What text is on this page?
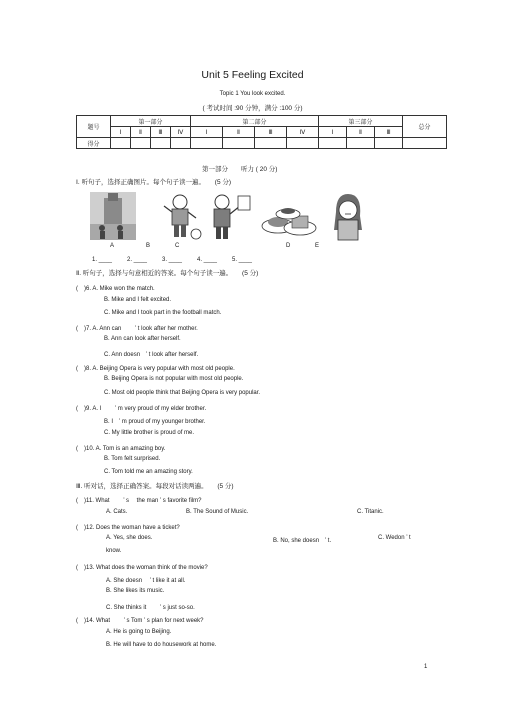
Unit 5 Feeling Excited
Topic 1 You look excited.
( 考试时间 :90 分钟，满分 :100 分)
题号	第一部分				第二部分				第三部分			总分
	Ⅰ	Ⅱ	Ⅲ	Ⅳ	Ⅰ	Ⅱ	Ⅲ	Ⅳ	Ⅰ	Ⅱ	Ⅲ	
得分												
第一部分　　听力 ( 20 分)
Ⅰ. 听句子，选择正确图片。每个句子读一遍。　　(5 分)
A	B	C	D	E
1. ____ 2. ____ 3. ____ 4. ____ 5. ____
Ⅱ. 听句子，选择与句意相近的答案。每个句子读一遍。　　(5 分)
(　)6. A. Mike won the match.
B. Mike and I felt excited.
C. Mike and I took part in the football match.
(　)7. A. Ann can　　 ’ t look after her mother.
B. Ann can look after herself.
C. Ann doesn　’ t look after herself.
(　)8. A. Beijing Opera is very popular with most old people.
B. Beijing Opera is not popular with most old people.
C. Most old people think that Beijing Opera is very popular.
(　)9. A. I　　 ’ m very proud of my elder brother.
B. I　’ m proud of my younger brother.
C. My little brother is proud of me.
(　)10. A. Tom is an amazing boy.
B. Tom felt surprised.
C. Tom told me an amazing story.
Ⅲ. 听对话，选择正确答案。每段对话读两遍。　　(5 分)
(　)11. What　　 ’ s　 the man ’ s favorite film?
A. Cats.	B. The Sound of Music.	C. Titanic.
(　)12. Does the woman have a ticket?
A. Yes, she does.	B. No, she doesn　’ t.	C. Wedon ’ t
know.
(　)13. What does the woman think of the movie?
A. She doesn　 ’ t like it at all.
B. She likes its music.
C. She thinks it　　 ’ s just so-so.
(　)14. What　　 ’ s Tom ’ s plan for next week?
A. He is going to Beijing.
B. He will have to do housework at home.
1
